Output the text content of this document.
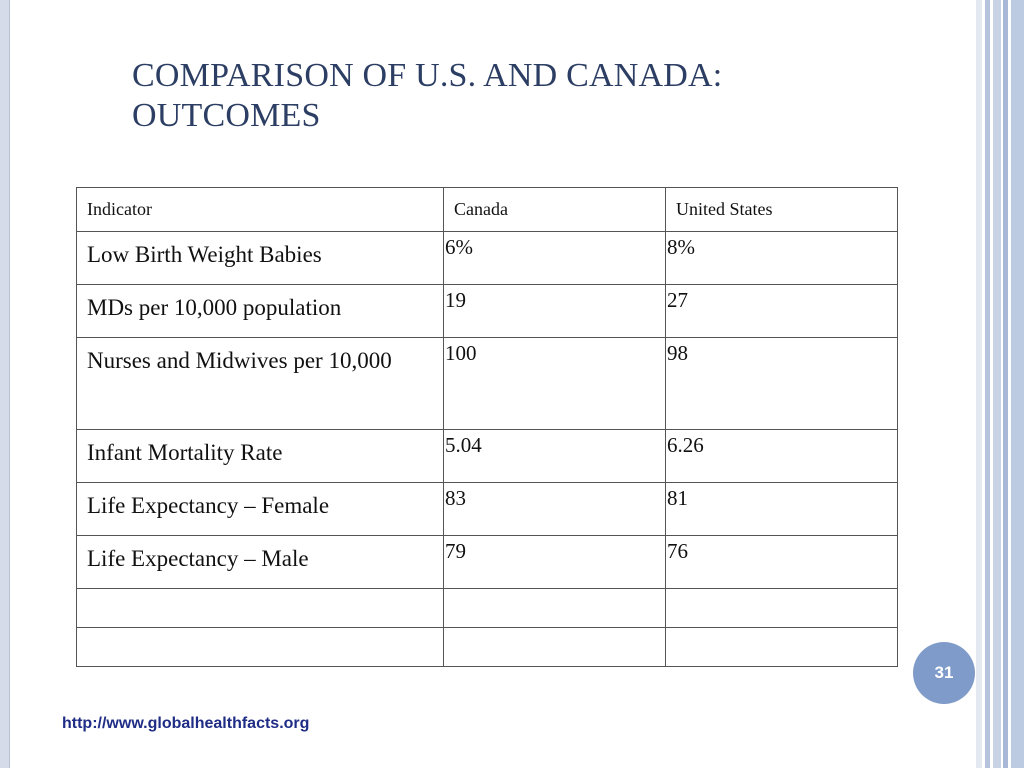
COMPARISON OF U.S. AND CANADA:
OUTCOMES
Indicator	Canada	United States
Low Birth Weight Babies	6%	8%
MDs per 10,000 population	19	27
Nurses and Midwives per 10,000	100	98
Infant Mortality Rate	5.04	6.26
Life Expectancy – Female	83	81
Life Expectancy – Male	79	76

31
http://www.globalhealthfacts.org
